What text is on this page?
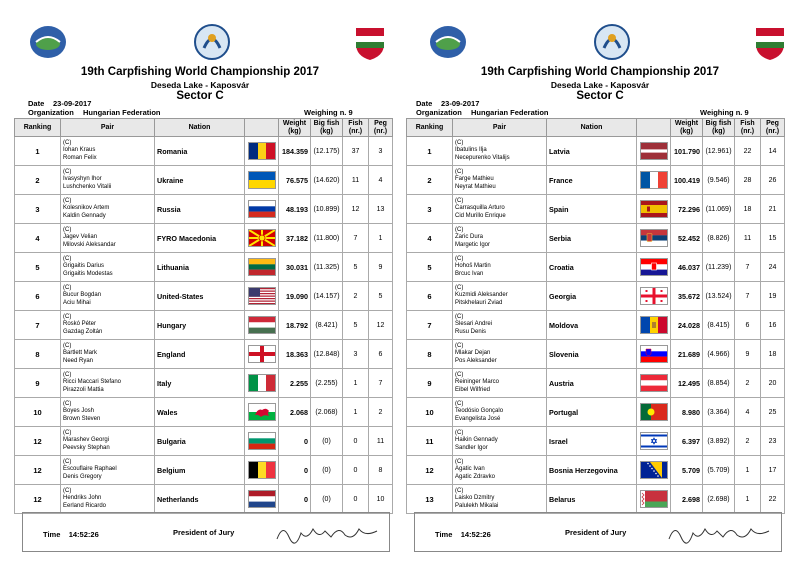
19th Carpfishing World Championship 2017
Deseda Lake - Kaposvár
Sector C
Date 23-09-2017
Organization Hungarian Federation	Weighing n. 9
Ranking	Pair	Nation		Weight (kg)	Big fish (kg)	Fish (nr.)	Peg (nr.)
1	(C)
Iohan Kraus
Roman Felix	Romania		184.359	(12.175)	37	3
2	(C)
Ivasyshyn Ihor
Lushchenko Vitalii	Ukraine		76.575	(14.620)	11	4
3	(C)
Kolesnikov Artem
Kaldin Gennady	Russia		48.193	(10.899)	12	13
4	(C)
Jagev Velian
Milovski Aleksandar	FYRO Macedonia		37.182	(11.800)	7	1
5	(C)
Grigaitis Darius
Grigaitis Modestas	Lithuania		30.031	(11.325)	5	9
6	(C)
Bucur Bogdan
Aciu Mihai	United-States		19.090	(14.157)	2	5
7	(C)
Roskó Péter
Gazdag Zoltán	Hungary		18.792	(8.421)	5	12
8	(C)
Bartlett Mark
Need Ryan	England		18.363	(12.848)	3	6
9	(C)
Ricci Maccari Stefano
Pirazzoli Mattia	Italy		2.255	(2.255)	1	7
10	(C)
Boyes Josh
Brown Steven	Wales		2.068	(2.068)	1	2
12	(C)
Marashev Georgi
Peevsky Stephan	Bulgaria		0	(0)	0	11
12	(C)
Escouflaire Raphael
Denis Gregory	Belgium		0	(0)	0	8
12	(C)
Hendriks John
Eerland Ricardo	Netherlands		0	(0)	0	10
Time 14:52:26	President of Jury
19th Carpfishing World Championship 2017
Deseda Lake - Kaposvár
Sector C
Date 23-09-2017
Organization Hungarian Federation	Weighing n. 9
Ranking	Pair	Nation		Weight (kg)	Big fish (kg)	Fish (nr.)	Peg (nr.)
1	(C)
Ibatulins Ilja
Necepurenko Vitalijs	Latvia		101.790	(12.961)	22	14
2	(C)
Farge Mathieu
Neyrat Mathieu	France		100.419	(9.546)	28	26
3	(C)
Carrasquilla Arturo
Cid Murillo Enrique	Spain		72.296	(11.069)	18	21
4	(C)
Zaric Dura
Margetic Igor	Serbia		52.452	(8.826)	11	15
5	(C)
Hohoš Martin
Brcuc Ivan	Croatia		46.037	(11.239)	7	24
6	(C)
Kuzmidi Aleksander
Pitskhelauri Zviad	Georgia		35.672	(13.524)	7	19
7	(C)
Slesari Andrei
Rusu Denis	Moldova		24.028	(8.415)	6	16
8	(C)
Mlakar Dejan
Pos Aleksander	Slovenia		21.689	(4.966)	9	18
9	(C)
Reininger Marco
Eibel Wilfried	Austria		12.495	(8.854)	2	20
10	(C)
Teodósio Gonçalo
Evangelista José	Portugal		8.980	(3.364)	4	25
11	(C)
Haikin Gennady
Sandler Igor	Israel		6.397	(3.892)	2	23
12	(C)
Agatic Ivan
Agatic Zdravko	Bosnia Herzegovina		5.709	(5.709)	1	17
13	(C)
Laisko Dzmitry
Palulekh Mikalai	Belarus		2.698	(2.698)	1	22
Time 14:52:26	President of Jury
